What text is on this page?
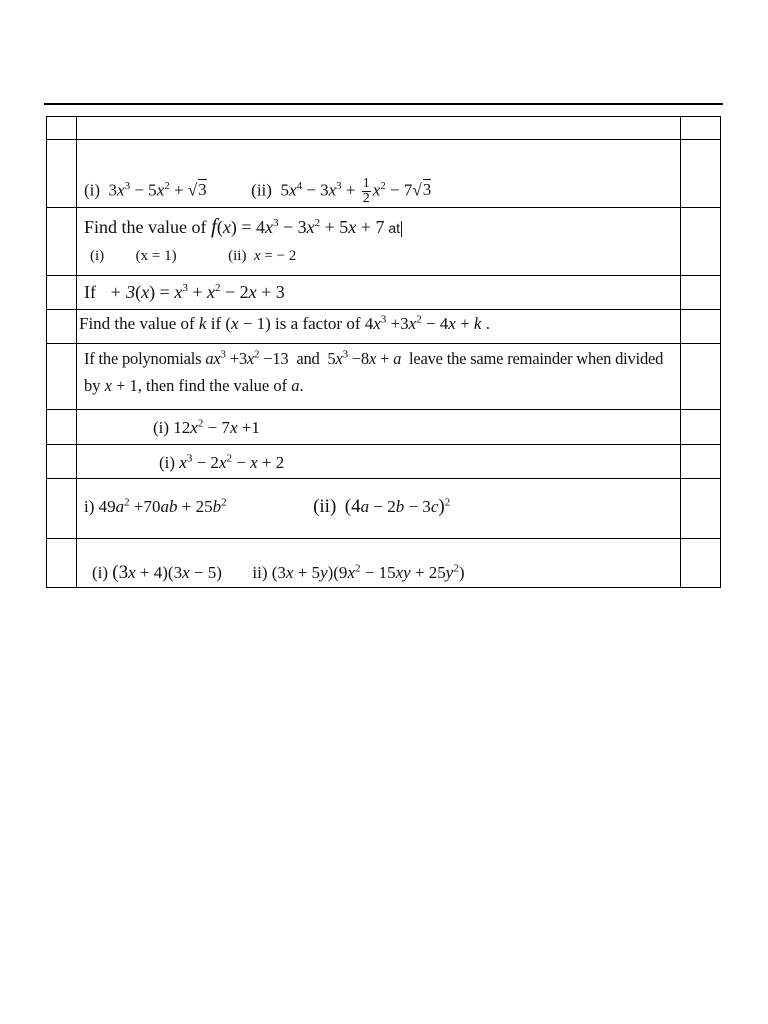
(i) $3x^3 - 5x^2 + √3$	(ii) $5x^4 - 3x^3 + \frac{1}{2} x^2 - 7√3$
Find the value of $f(x) = 4x^3 - 3x^2 + 5x + 7$ at
(i) (x = 1)	(ii) x = − 2
$If + 3(x) = x^3 + x^2 - 2x + 3$
Find the value of k if (x − 1) is a factor of $4x^3 +3x^2 - 4x + k$ .
If the polynomials $ax^3 +3x^2 -13$  and  $5x^3 -8x + a$  leave the same remainder when divided
by x + 1, then find the value of a.
(i) $12x^2 - 7x +1$
(i) $x^3 - 2x^2 - x + 2$
i) $49a^2 +70ab + 25b^2$	(ii) $(4a - 2b - 3c)^2$
(i) (3x + 4)(3x − 5) ii) $(3x + 5y)(9x^2 - 15xy + 25y^2)$
